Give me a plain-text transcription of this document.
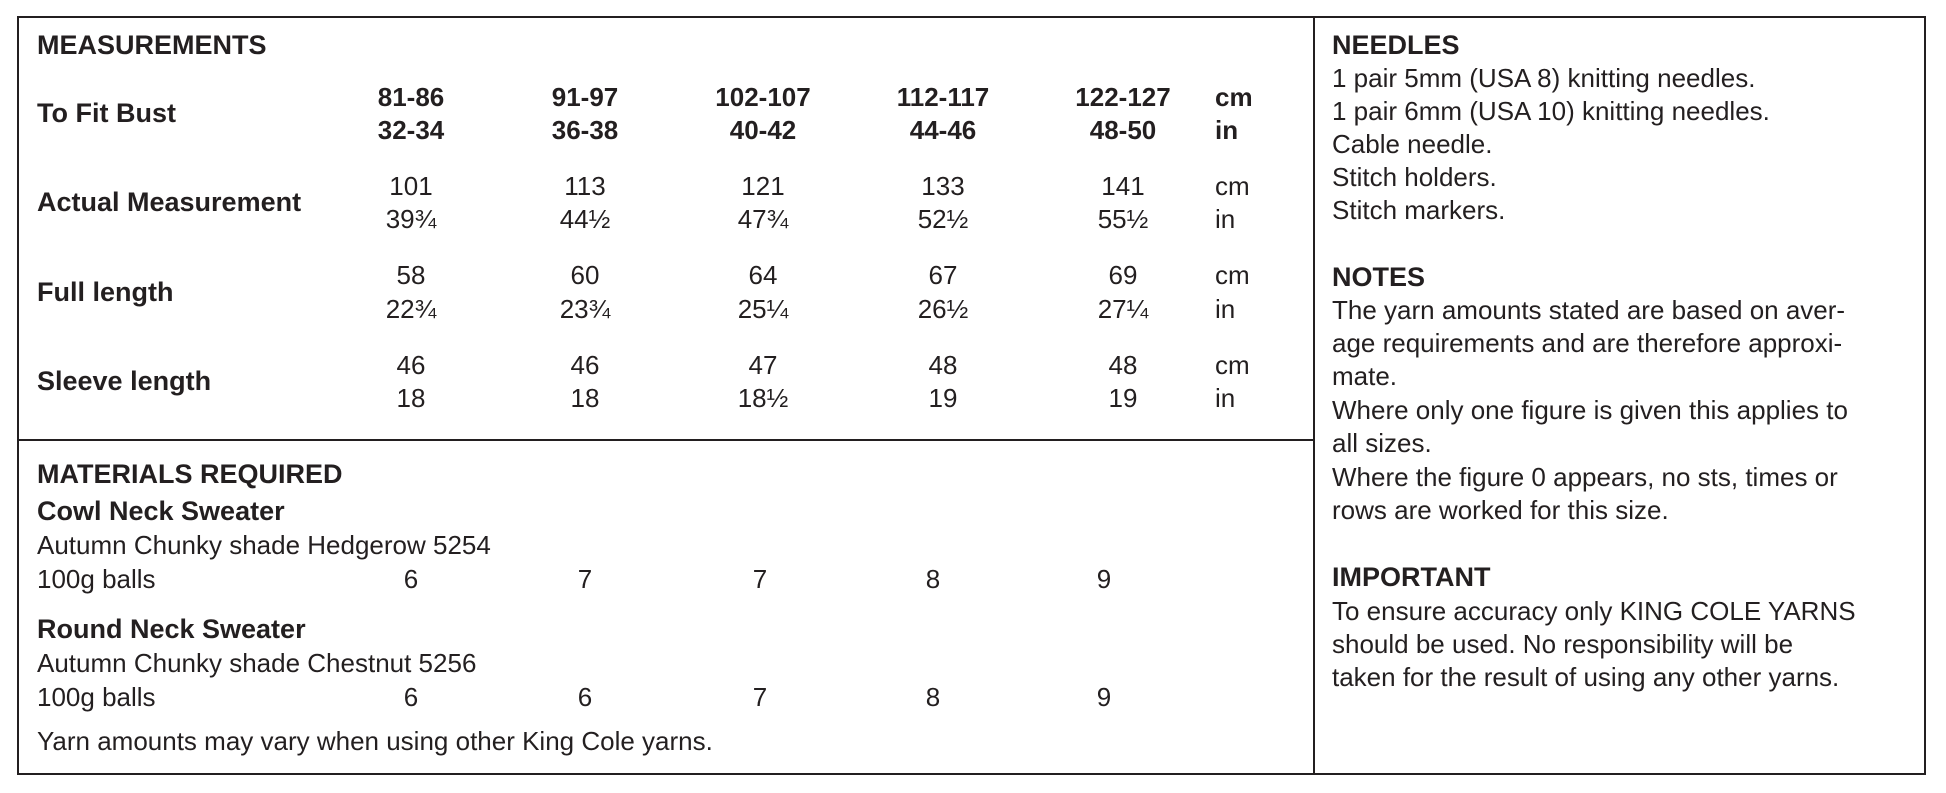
MEASUREMENTS
To Fit Bust
81-86	91-97	102-107	112-117	122-127 cm
32-34	36-38	40-42	44-46	48-50 in
Actual Measurement
101	113	121	133	141	cm
39¾	44½	47¾	52½	55½	in
Full length
58	60	64	67	69	cm
22¾	23¾	25¼	26½	27¼	in
Sleeve length
46	46	47	48	48	cm
18	18	18½	19	19	in
MATERIALS REQUIRED
Cowl Neck Sweater
Autumn Chunky shade Hedgerow 5254
100g balls	6	7	7	8	9
Round Neck Sweater
Autumn Chunky shade Chestnut 5256
100g balls	6	6	7	8	9
Yarn amounts may vary when using other King Cole yarns.
NEEDLES
1 pair 5mm (USA 8) knitting needles.
1 pair 6mm (USA 10) knitting needles.
Cable needle.
Stitch holders.
Stitch markers.
NOTES
The yarn amounts stated are based on aver-
age requirements and are therefore approxi-
mate.
Where only one figure is given this applies to
all sizes.
Where the figure 0 appears, no sts, times or
rows are worked for this size.
IMPORTANT
To ensure accuracy only KING COLE YARNS
should be used. No responsibility will be
taken for the result of using any other yarns.
